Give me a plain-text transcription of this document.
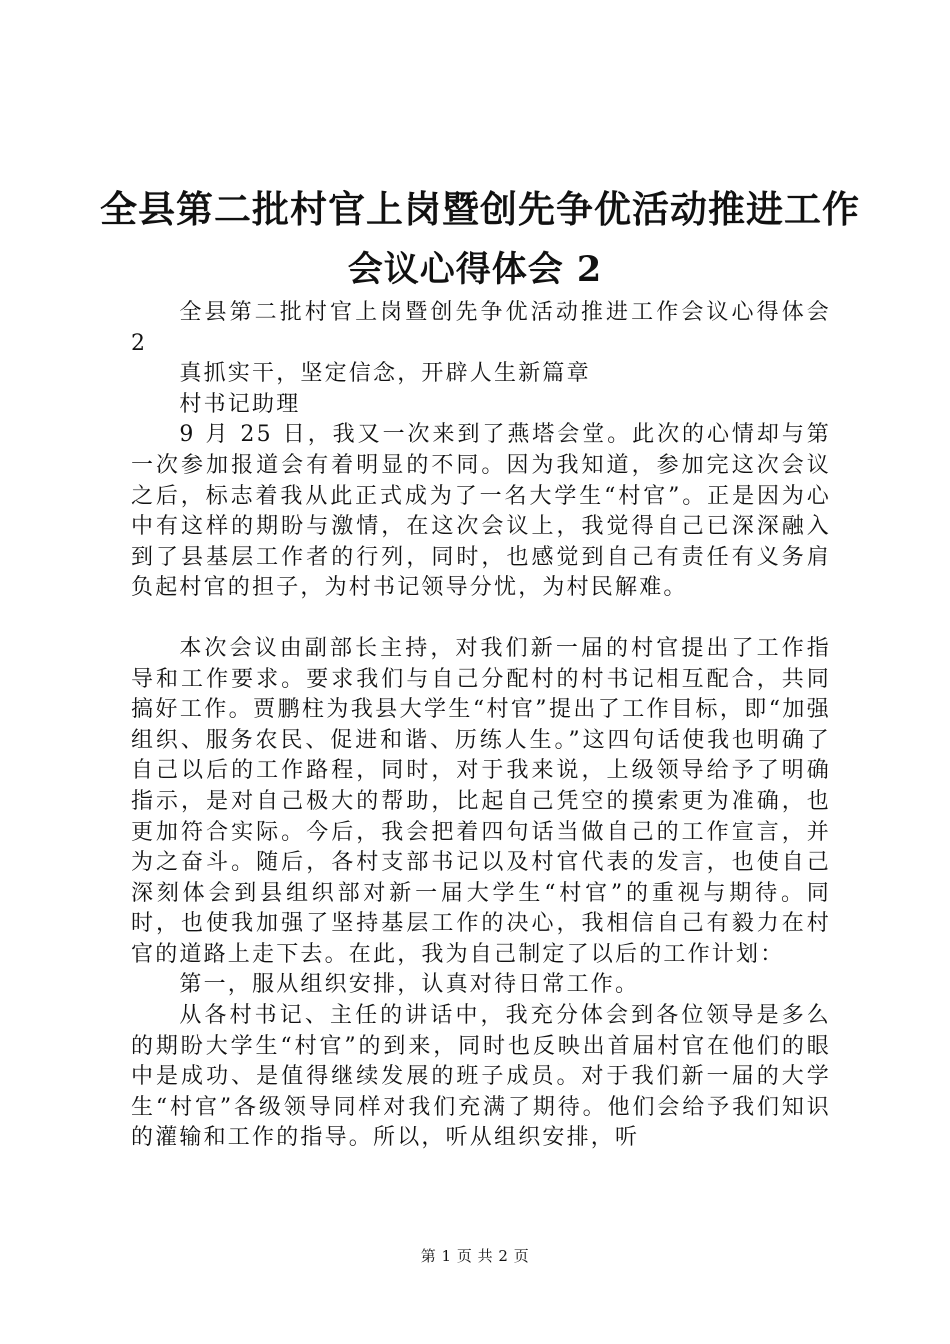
全县第二批村官上岗暨创先争优活动推进工作
会议心得体会 2

全县第二批村官上岗暨创先争优活动推进工作会议心得体会 2

真抓实干，坚定信念，开辟人生新篇章

村书记助理

9 月 25 日，我又一次来到了燕塔会堂。此次的心情却与第一次参加报道会有着明显的不同。因为我知道，参加完这次会议之后，标志着我从此正式成为了一名大学生“村官”。正是因为心中有这样的期盼与激情，在这次会议上，我觉得自己已深深融入到了县基层工作者的行列，同时，也感觉到自己有责任有义务肩负起村官的担子，为村书记领导分忧，为村民解难。

本次会议由副部长主持，对我们新一届的村官提出了工作指导和工作要求。要求我们与自己分配村的村书记相互配合，共同搞好工作。贾鹏柱为我县大学生“村官”提出了工作目标，即“加强组织、服务农民、促进和谐、历练人生。”这四句话使我也明确了自己以后的工作路程，同时，对于我来说，上级领导给予了明确指示，是对自己极大的帮助，比起自己凭空的摸索更为准确，也更加符合实际。今后，我会把着四句话当做自己的工作宣言，并为之奋斗。随后，各村支部书记以及村官代表的发言，也使自己深刻体会到县组织部对新一届大学生“村官”的重视与期待。同时，也使我加强了坚持基层工作的决心，我相信自己有毅力在村官的道路上走下去。在此，我为自己制定了以后的工作计划：

第一，服从组织安排，认真对待日常工作。

从各村书记、主任的讲话中，我充分体会到各位领导是多么的期盼大学生“村官”的到来，同时也反映出首届村官在他们的眼中是成功、是值得继续发展的班子成员。对于我们新一届的大学生“村官”各级领导同样对我们充满了期待。他们会给予我们知识的灌输和工作的指导。所以，听从组织安排，听

第 1 页 共 2 页
